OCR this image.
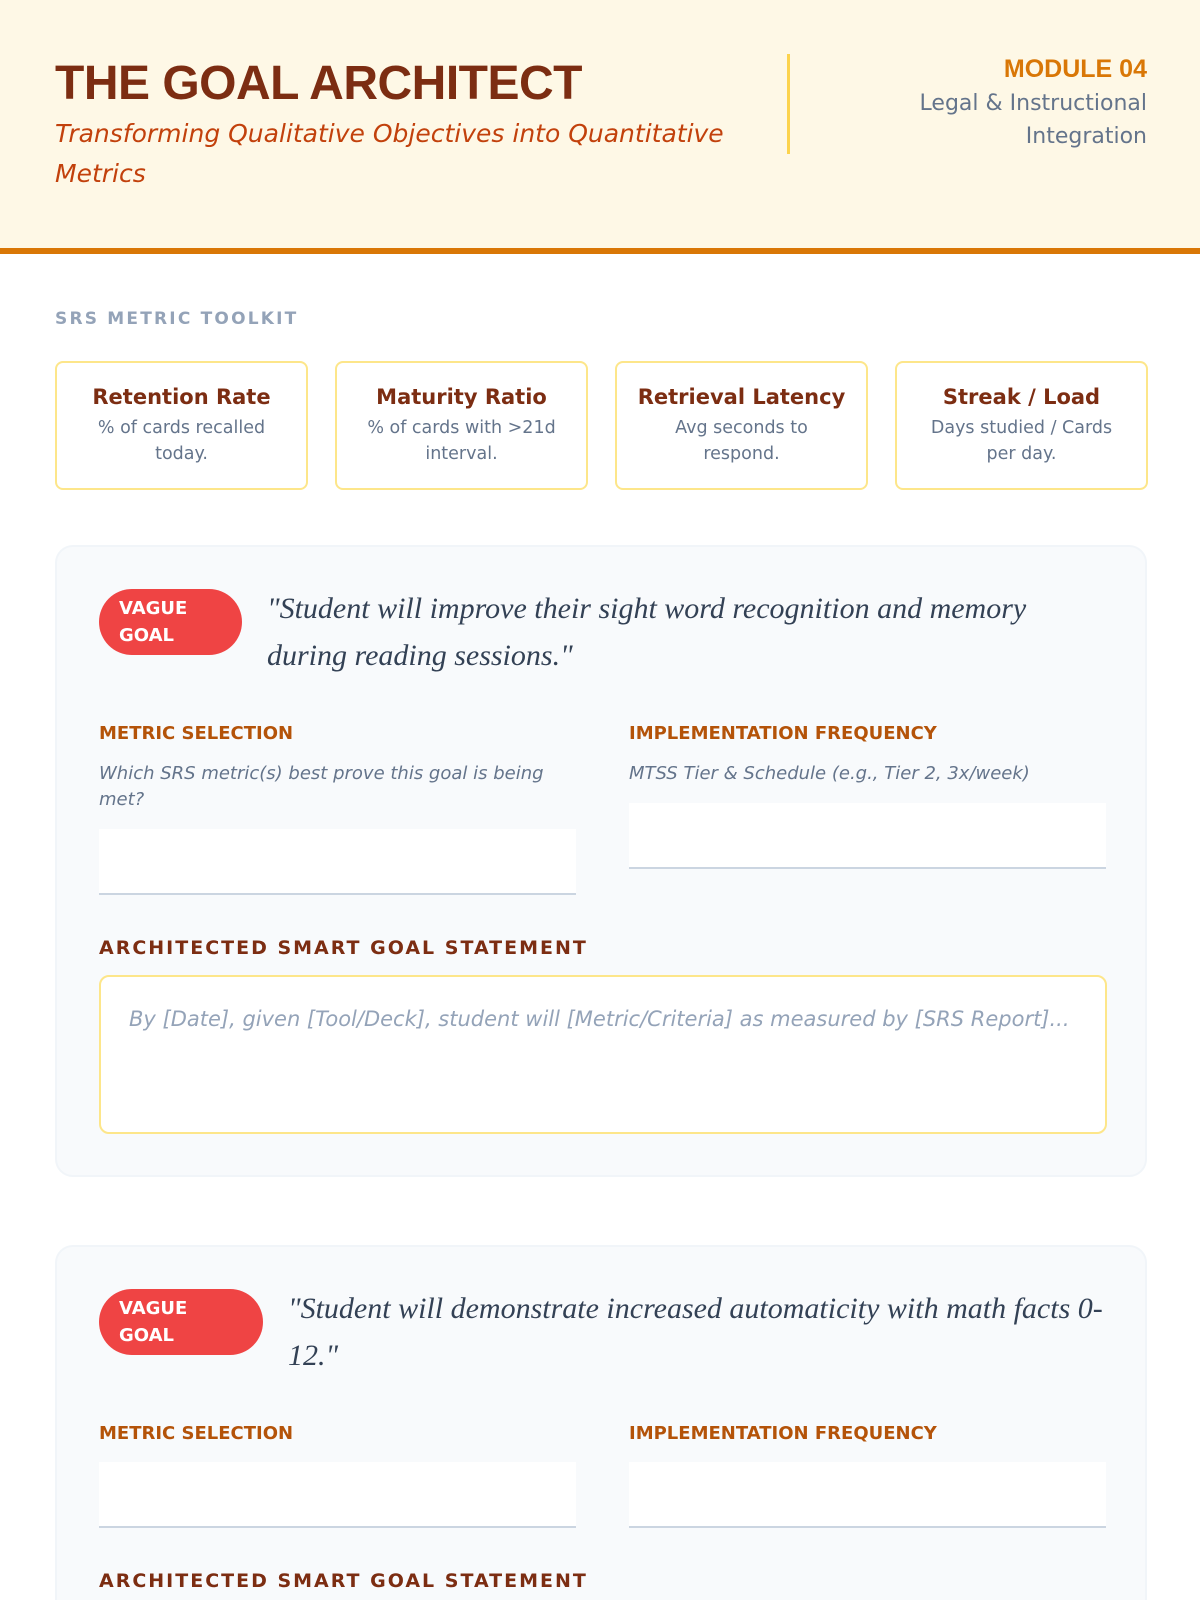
THE GOAL ARCHITECT
Transforming Qualitative Objectives into Quantitative Metrics
MODULE 04
Legal & Instructional Integration
SRS METRIC TOOLKIT
Retention Rate
% of cards recalled today.
Maturity Ratio
% of cards with >21d interval.
Retrieval Latency
Avg seconds to respond.
Streak / Load
Days studied / Cards per day.
VAGUE GOAL
"Student will improve their sight word recognition and memory during reading sessions."
METRIC SELECTION
Which SRS metric(s) best prove this goal is being met?
IMPLEMENTATION FREQUENCY
MTSS Tier & Schedule (e.g., Tier 2, 3x/week)
ARCHITECTED SMART GOAL STATEMENT
By [Date], given [Tool/Deck], student will [Metric/Criteria] as measured by [SRS Report]...
VAGUE GOAL
"Student will demonstrate increased automaticity with math facts 0-12."
METRIC SELECTION	IMPLEMENTATION FREQUENCY
ARCHITECTED SMART GOAL STATEMENT
